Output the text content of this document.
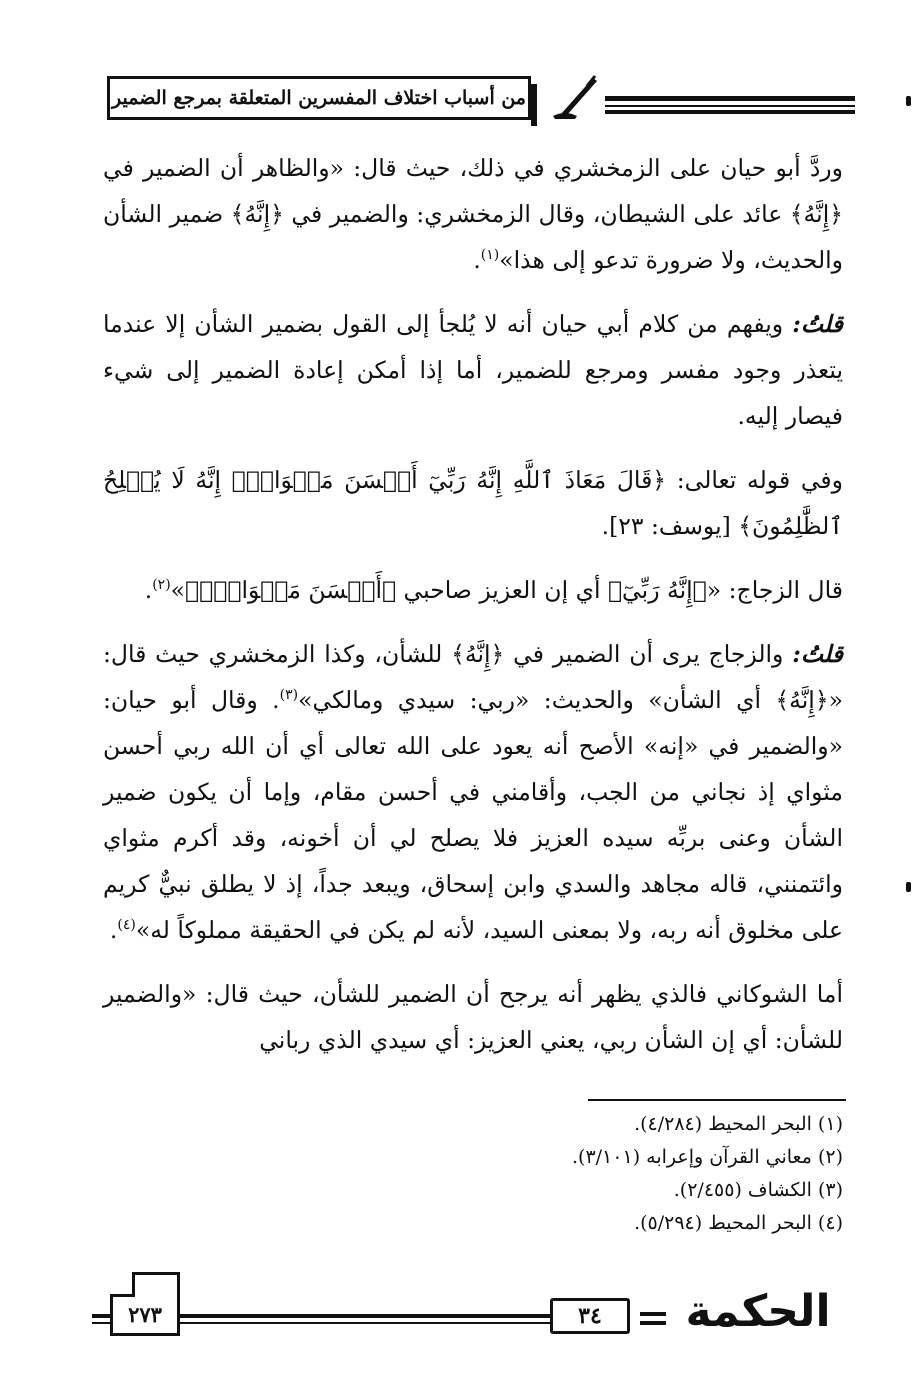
من أسباب اختلاف المفسرين المتعلقة بمرجع الضمير

وردَّ أبو حيان على الزمخشري في ذلك، حيث قال: «والظاهر أن الضمير في ﴿إِنَّهُ﴾ عائد على الشيطان، وقال الزمخشري: والضمير في ﴿إِنَّهُ﴾ ضمير الشأن والحديث، ولا ضرورة تدعو إلى هذا»$^{(١)}$.

قلتُ: ويفهم من كلام أبي حيان أنه لا يُلجأ إلى القول بضمير الشأن إلا عندما يتعذر وجود مفسر ومرجع للضمير، أما إذا أمكن إعادة الضمير إلى شيء فيصار إليه.

وفي قوله تعالى: ﴿قَالَ مَعَاذَ ٱللَّهِ إِنَّهُ رَبِّيٓ أَحۡسَنَ مَثۡوَايَۖ إِنَّهُ لَا يُفۡلِحُ ٱلظَّٰلِمُونَ﴾ [يوسف: ٢٣].

قال الزجاج: «﴿إِنَّهُ رَبِّيٓ﴾ أي إن العزيز صاحبي ﴿أَحۡسَنَ مَثۡوَايَۖ﴾»$^{(٢)}$.

قلتُ: والزجاج يرى أن الضمير في ﴿إِنَّهُ﴾ للشأن، وكذا الزمخشري حيث قال: «﴿إِنَّهُ﴾ أي الشأن» والحديث: «ربي: سيدي ومالكي»$^{(٣)}$. وقال أبو حيان: «والضمير في «إنه» الأصح أنه يعود على الله تعالى أي أن الله ربي أحسن مثواي إذ نجاني من الجب، وأقامني في أحسن مقام، وإما أن يكون ضمير الشأن وعنى بربِّه سيده العزيز فلا يصلح لي أن أخونه، وقد أكرم مثواي وائتمنني، قاله مجاهد والسدي وابن إسحاق، ويبعد جداً، إذ لا يطلق نبيٌّ كريم على مخلوق أنه ربه، ولا بمعنى السيد، لأنه لم يكن في الحقيقة مملوكاً له»$^{(٤)}$.

أما الشوكاني فالذي يظهر أنه يرجح أن الضمير للشأن، حيث قال: «والضمير للشأن: أي إن الشأن ربي، يعني العزيز: أي سيدي الذي رباني

(١) البحر المحيط (٤/٢٨٤).
(٢) معاني القرآن وإعرابه (٣/١٠١).
(٣) الكشاف (٢/٤٥٥).
(٤) البحر المحيط (٥/٢٩٤).
٢٧٣	٣٤ الحكمة
